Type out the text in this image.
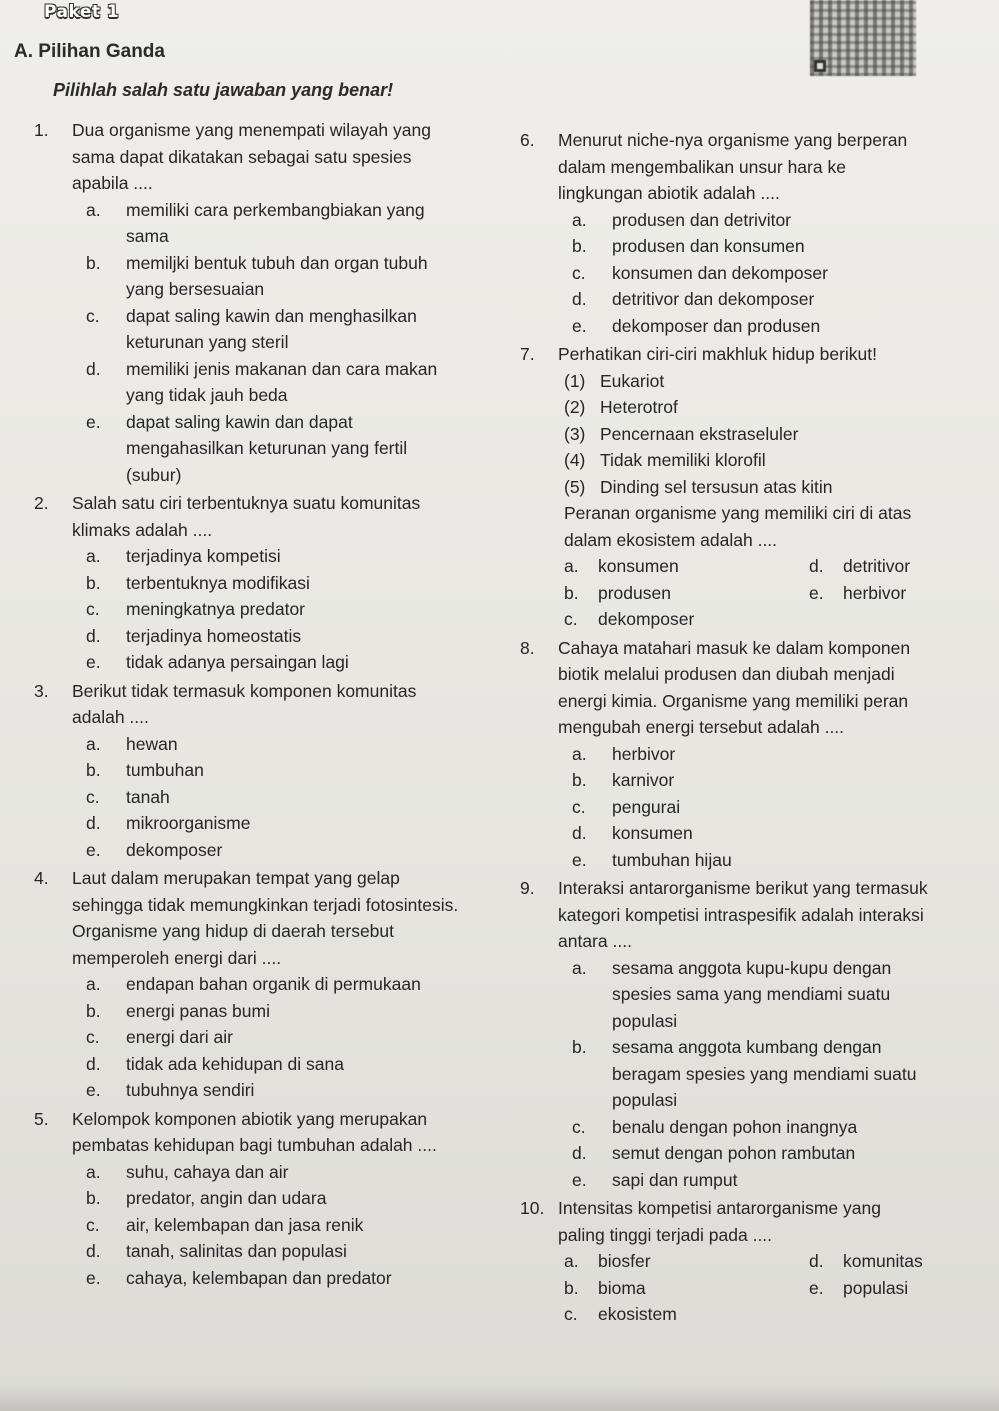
Paket 1
A. Pilihan Ganda
Pilihlah salah satu jawaban yang benar!
1. Dua organisme yang menempati wilayah yang sama dapat dikatakan sebagai satu spesies apabila ....
a. memiliki cara perkembangbiakan yang sama
b. memiljki bentuk tubuh dan organ tubuh yang bersesuaian
c. dapat saling kawin dan menghasilkan keturunan yang steril
d. memiliki jenis makanan dan cara makan yang tidak jauh beda
e. dapat saling kawin dan dapat mengahasilkan keturunan yang fertil (subur)
2. Salah satu ciri terbentuknya suatu komunitas klimaks adalah ....
a. terjadinya kompetisi
b. terbentuknya modifikasi
c. meningkatnya predator
d. terjadinya homeostatis
e. tidak adanya persaingan lagi
3. Berikut tidak termasuk komponen komunitas adalah ....
a. hewan
b. tumbuhan
c. tanah
d. mikroorganisme
e. dekomposer
4. Laut dalam merupakan tempat yang gelap sehingga tidak memungkinkan terjadi fotosintesis. Organisme yang hidup di daerah tersebut memperoleh energi dari ....
a. endapan bahan organik di permukaan
b. energi panas bumi
c. energi dari air
d. tidak ada kehidupan di sana
e. tubuhnya sendiri
5. Kelompok komponen abiotik yang merupakan pembatas kehidupan bagi tumbuhan adalah ....
a. suhu, cahaya dan air
b. predator, angin dan udara
c. air, kelembapan dan jasa renik
d. tanah, salinitas dan populasi
e. cahaya, kelembapan dan predator
6. Menurut niche-nya organisme yang berperan dalam mengembalikan unsur hara ke lingkungan abiotik adalah ....
a. produsen dan detrivitor
b. produsen dan konsumen
c. konsumen dan dekomposer
d. detritivor dan dekomposer
e. dekomposer dan produsen
7. Perhatikan ciri-ciri makhluk hidup berikut!
(1) Eukariot
(2) Heterotrof
(3) Pencernaan ekstraseluler
(4) Tidak memiliki klorofil
(5) Dinding sel tersusun atas kitin
Peranan organisme yang memiliki ciri di atas dalam ekosistem adalah ....
a. konsumen	d. detritivor
b. produsen	e. herbivor
c. dekomposer
8. Cahaya matahari masuk ke dalam komponen biotik melalui produsen dan diubah menjadi energi kimia. Organisme yang memiliki peran mengubah energi tersebut adalah ....
a. herbivor
b. karnivor
c. pengurai
d. konsumen
e. tumbuhan hijau
9. Interaksi antarorganisme berikut yang termasuk kategori kompetisi intraspesifik adalah interaksi antara ....
a. sesama anggota kupu-kupu dengan spesies sama yang mendiami suatu populasi
b. sesama anggota kumbang dengan beragam spesies yang mendiami suatu populasi
c. benalu dengan pohon inangnya
d. semut dengan pohon rambutan
e. sapi dan rumput
10. Intensitas kompetisi antarorganisme yang paling tinggi terjadi pada ....
a. biosfer	d. komunitas
b. bioma	e. populasi
c. ekosistem
